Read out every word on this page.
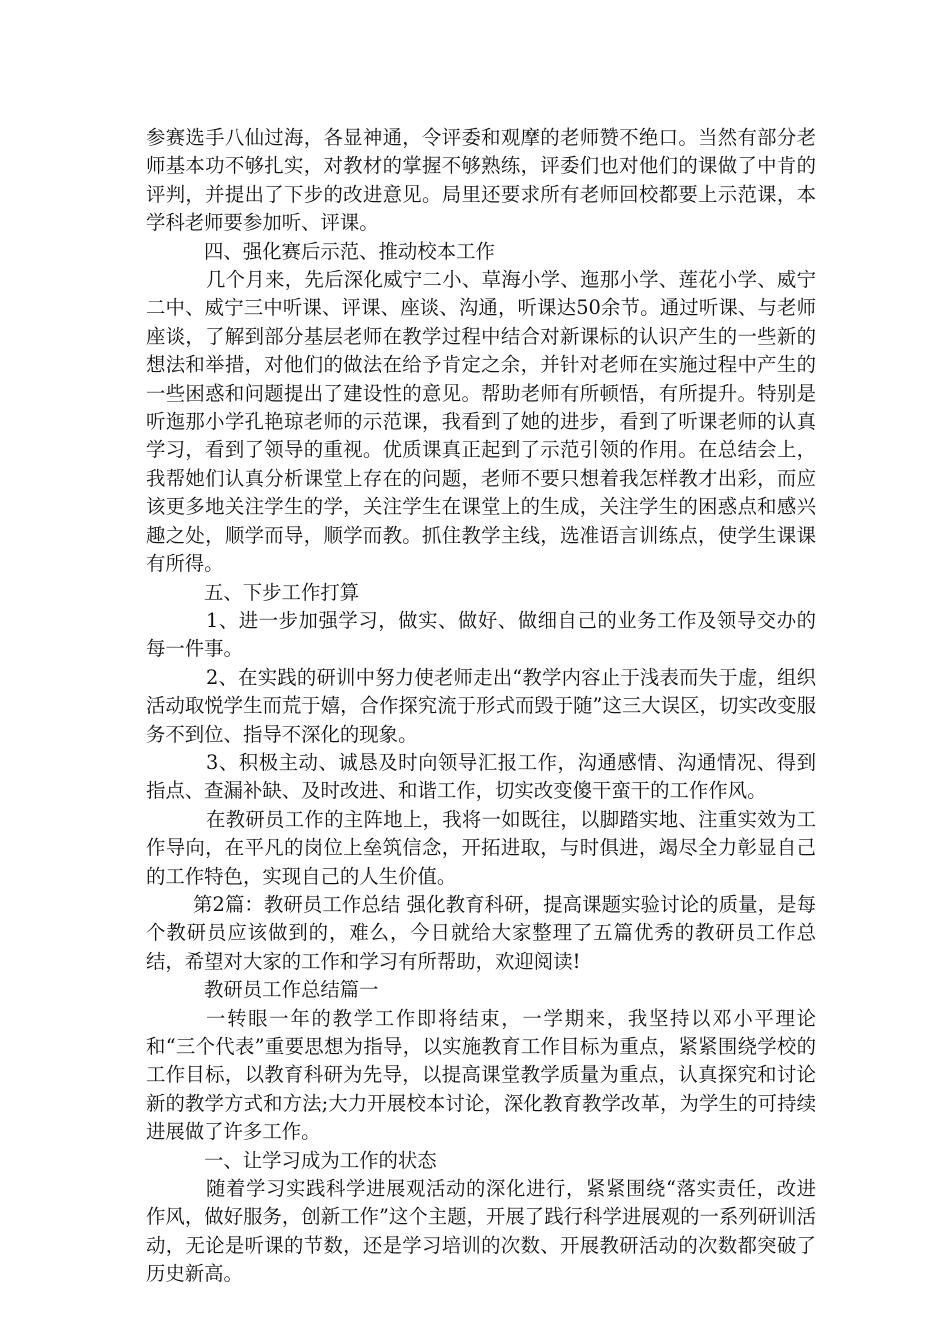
参赛选手八仙过海，各显神通，令评委和观摩的老师赞不绝口。当然有部分老师基本功不够扎实，对教材的掌握不够熟练，评委们也对他们的课做了中肯的评判，并提出了下步的改进意见。局里还要求所有老师回校都要上示范课，本学科老师要参加听、评课。

四、强化赛后示范、推动校本工作

几个月来，先后深化威宁二小、草海小学、迤那小学、莲花小学、威宁二中、威宁三中听课、评课、座谈、沟通，听课达50余节。通过听课、与老师座谈，了解到部分基层老师在教学过程中结合对新课标的认识产生的一些新的想法和举措，对他们的做法在给予肯定之余，并针对老师在实施过程中产生的一些困惑和问题提出了建设性的意见。帮助老师有所顿悟，有所提升。特别是听迤那小学孔艳琼老师的示范课，我看到了她的进步，看到了听课老师的认真学习，看到了领导的重视。优质课真正起到了示范引领的作用。在总结会上，我帮她们认真分析课堂上存在的问题，老师不要只想着我怎样教才出彩，而应该更多地关注学生的学，关注学生在课堂上的生成，关注学生的困惑点和感兴趣之处，顺学而导，顺学而教。抓住教学主线，选准语言训练点，使学生课课有所得。

五、下步工作打算

1、进一步加强学习，做实、做好、做细自己的业务工作及领导交办的每一件事。

2、在实践的研训中努力使老师走出“教学内容止于浅表而失于虚，组织活动取悦学生而荒于嬉，合作探究流于形式而毁于随”这三大误区，切实改变服务不到位、指导不深化的现象。

3、积极主动、诚恳及时向领导汇报工作，沟通感情、沟通情况、得到指点、查漏补缺、及时改进、和谐工作，切实改变傻干蛮干的工作作风。

在教研员工作的主阵地上，我将一如既往，以脚踏实地、注重实效为工作导向，在平凡的岗位上垒筑信念，开拓进取，与时俱进，竭尽全力彰显自己的工作特色，实现自己的人生价值。

第2篇：教研员工作总结 强化教育科研，提高课题实验讨论的质量，是每个教研员应该做到的，难么，今日就给大家整理了五篇优秀的教研员工作总结，希望对大家的工作和学习有所帮助，欢迎阅读!

教研员工作总结篇一

一转眼一年的教学工作即将结束，一学期来，我坚持以邓小平理论和“三个代表”重要思想为指导，以实施教育工作目标为重点，紧紧围绕学校的工作目标，以教育科研为先导，以提高课堂教学质量为重点，认真探究和讨论新的教学方式和方法;大力开展校本讨论，深化教育教学改革，为学生的可持续进展做了许多工作。

一、让学习成为工作的状态

随着学习实践科学进展观活动的深化进行，紧紧围绕“落实责任，改进作风，做好服务，创新工作”这个主题，开展了践行科学进展观的一系列研训活动，无论是听课的节数，还是学习培训的次数、开展教研活动的次数都突破了历史新高。
